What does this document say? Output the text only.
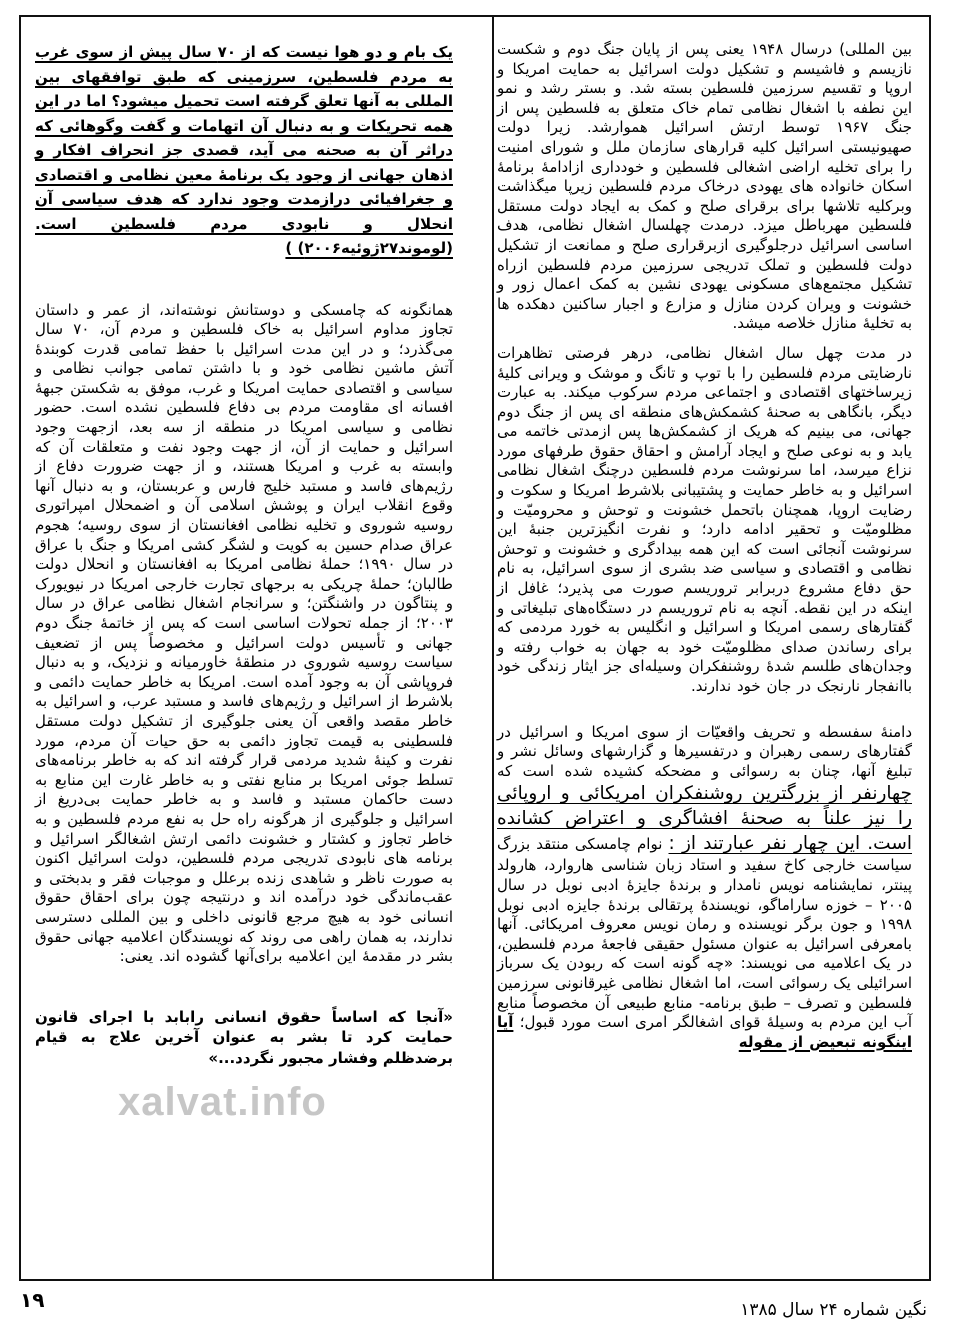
بین المللی) درسال ۱۹۴۸ یعنی پس از پایان جنگ دوم و شکست نازیسم و فاشیسم و تشکیل دولت اسرائیل به حمایت امریکا و اروپا و تقسیم سرزمین فلسطین بسته شد. و بستر رشد و نمو این نطفه با اشغال نظامی تمام خاک متعلق به فلسطین پس از جنگ ۱۹۶۷ توسط ارتش اسرائیل هموارشد. زیرا دولت صهیونیستی اسرائیل کلیه قرارهای سازمان ملل و شورای امنیت را برای تخلیه اراضی اشغالی فلسطین و خودداری ازادامهٔ برنامهٔ اسکان خانواده های یهودی درخاک مردم فلسطین زیرپا میگذاشت وبرکلیه تلاشها برای برقرای صلح و کمک به ایجاد دولت مستقل فلسطین مهرباطل میزد. درمدت چهلسال اشغال نظامی، هدف اساسی اسرائیل درجلوگیری ازبرقراری صلح و ممانعت از تشکیل دولت فلسطین و تملک تدریجی سرزمین مردم فلسطین ازراه تشکیل مجتمع‌های مسکونی یهودی نشین به کمک اعمال زور و خشونت و ویران کردن منازل و مزارع و اجبار ساکنین دهکده ها به تخلیهٔ منازل خلاصه میشد.

در مدت چهل سال اشغال نظامی، درهر فرصتی تظاهرات نارضایتی مردم فلسطین را با توپ و تانگ و موشک و ویرانی کلیهٔ زیرساختهای اقتصادی و اجتماعی مردم سرکوب میکند. به عبارت دیگر، بانگاهی به صحنهٔ کشمکش‌های منطقه ای پس از جنگ دوم جهانی، می بینیم که هریک از کشمکش‌ها پس ازمدتی خاتمه می یابد و به نوعی صلح و ایجاد آرامش و احقاق حقوق طرفهای مورد نزاع میرسد، اما سرنوشت مردم فلسطین درچنگ اشغال نظامی اسرائیل و به خاطر حمایت و پشتیبانی بلاشرط امریکا و سکوت و رضایت اروپا، همچنان باتحمل خشونت و توحش و محرومیّت و مظلومیّت و تحقیر ادامه دارد؛ و نفرت انگیزترین جنبهٔ این سرنوشت آنجائی است که این همه بیدادگری و خشونت و توحش نظامی و اقتصادی و سیاسی ضد بشری از سوی اسرائیل، به نام حق دفاع مشروع دربرابر تروریسم صورت می پذیرد؛ غافل از اینکه در این نقطه. آنچه به نام تروریسم در دستگاه‌های تبلیغاتی و گفتارهای رسمی امریکا و اسرائیل و انگلیس به خورد مردمی که برای رساندن صدای مظلومیّت خود به جهان به خواب رفته و وجدان‌های طلسم شدهٔ روشنفکران وسیله‌ای جز ایثار زندگی خود باانفجار نارنجک در جان خود ندارند.

دامنهٔ سفسطه و تحریف واقعیّات از سوی امریکا و اسرائیل در گفتارهای رسمی رهبران و درتفسیرها و گزارشهای وسائل نشر و تبلیغ آنها، چنان به رسوائی و مضحکه کشیده شده است که چهارنفر از بزرگترین روشنفکران امریکائی و اروپائی را نیز علناً به صحنهٔ افشاگری و اعتراض کشانده است. این چهار نفر عبارتند از : نوام چامسکی منتقد بزرگ سیاست خارجی کاخ سفید و استاد زبان شناسی هاروارد، هارولد پینتر، نمایشنامه نویس نامدار و برندهٔ جایزهٔ ادبی نوبل در سال ۲۰۰۵ – خوزه ساراماگو، نویسندهٔ پرتقالی برندهٔ جایزه ادبی نوبل ۱۹۹۸ و جون برگر نویسنده و رمان نویس معروف امریکائی. آنها بامعرفی اسرائیل به عنوان مسئول حقیقی فاجعهٔ مردم فلسطین، در یک اعلامیه می نویسند: «چه گونه است که ربودن یک سرباز اسرائیلی یک رسوائی است، اما اشغال نظامی غیرقانونی سرزمین فلسطین و تصرف – طبق برنامه- منابع طبیعی آن مخصوصاً منابع آب این مردم به وسیلهٔ قوای اشغالگر امری است مورد قبول؛ آیا اینگونه تبعیض از مقوله

یک بام و دو هوا نیست که از ۷۰ سال پیش از سوی غرب به مردم فلسطین، سرزمینی که طبق توافقهای بین المللی به آنها تعلق گرفته است تحمیل میشود؟ اما در این همه تحریکات و به دنبال آن اتهامات و گفت وگوهائی که دراثر آن به صحنه می آید، قصدی جز انحراف افکار و اذهان جهانی از وجود یک برنامهٔ معین نظامی و اقتصادی و جغرافیائی درازمدت وجود ندارد که هدف سیاسی آن انحلال و نابودی مردم فلسطین است.(لوموند۲۷ژوئیه۲۰۰۶) )

همانگونه که چامسکی و دوستانش نوشته‌اند، از عمر و داستان تجاوز مداوم اسرائیل به خاک فلسطین و مردم آن، ۷۰ سال می‌گذرد؛ و در این مدت اسرائیل با حفظ تمامی قدرت کوبندهٔ آتش ماشین نظامی خود و با داشتن تمامی جوانب نظامی و سیاسی و اقتصادی حمایت امریکا و غرب، موفق به شکستن جبههٔ افسانه ای مقاومت مردم بی دفاع فلسطین نشده است. حضور نظامی و سیاسی امریکا در منطقه از سه بعد، ازجهت وجود اسرائیل و حمایت از آن، از جهت وجود نفت و متعلقات آن که وابسته به غرب و امریکا هستند، و از جهت ضرورت دفاع از رژیم‌های فاسد و مستبد خلیج فارس و عربستان، و به دنبال آنها وقوع انقلاب ایران و پوشش اسلامی آن و اضمحلال امپراتوری روسیه شوروی و تخلیه نظامی افغانستان از سوی روسیه؛ هجوم عراق صدام حسین به کویت و لشگر کشی امریکا و جنگ با عراق در سال ۱۹۹۰؛ حملهٔ نظامی امریکا به افغانستان و انحلال دولت طالبان؛ حملهٔ چریکی به برجهای تجارت خارجی امریکا در نیویورک و پنتاگون در واشنگتن؛ و سرانجام اشغال نظامی عراق در سال ۲۰۰۳؛ از جمله تحولات اساسی است که پس از خاتمهٔ جنگ دوم جهانی و تأسیس دولت اسرائیل و مخصوصاً پس از تضعیف سیاست روسیه شوروی در منطقهٔ خاورمیانه و نزدیک، و به دنبال فروپاشی آن به وجود آمده است. امریکا به خاطر حمایت دائمی و بلاشرط از اسرائیل و رژیم‌های فاسد و مستبد عرب، و اسرائیل به خاطر مقصد واقعی آن یعنی جلوگیری از تشکیل دولت مستقل فلسطینی به قیمت تجاوز دائمی به حق حیات آن مردم، مورد نفرت و کینهٔ شدید مردمی قرار گرفته اند که به خاطر برنامه‌های تسلط جوئی امریکا بر منابع نفتی و به خاطر غارت این منابع به دست حاکمان مستبد و فاسد و به خاطر حمایت بی‌دریغ از اسرائیل و جلوگیری از هرگونه راه حل به نفع مردم فلسطین و به خاطر تجاوز و کشتار و خشونت دائمی ارتش اشغالگر اسرائیل و برنامه های نابودی تدریجی مردم فلسطین، دولت اسرائیل اکنون به صورت ناظر و شاهدی زنده برعلل و موجبات فقر و بدبختی و عقب‌ماندگی خود درآمده اند و درنتیجه چون برای احقاق حقوق انسانی خود به هیچ مرجع قانونی داخلی و بین المللی دسترسی ندارند، به همان راهی می روند که نویسندگان اعلامیه جهانی حقوق بشر در مقدمهٔ این اعلامیه برای‌آنها گشوده اند. یعنی:

«آنجا که اساساً حقوق انسانی رابابد با اجرای قانون حمایت کرد تا بشر به عنوان آخرین علاج به قیام برضدظلم وفشار مجبور نگردد...»

xalvat.info
۱۹	نگین شماره ۲۴ سال ۱۳۸۵
